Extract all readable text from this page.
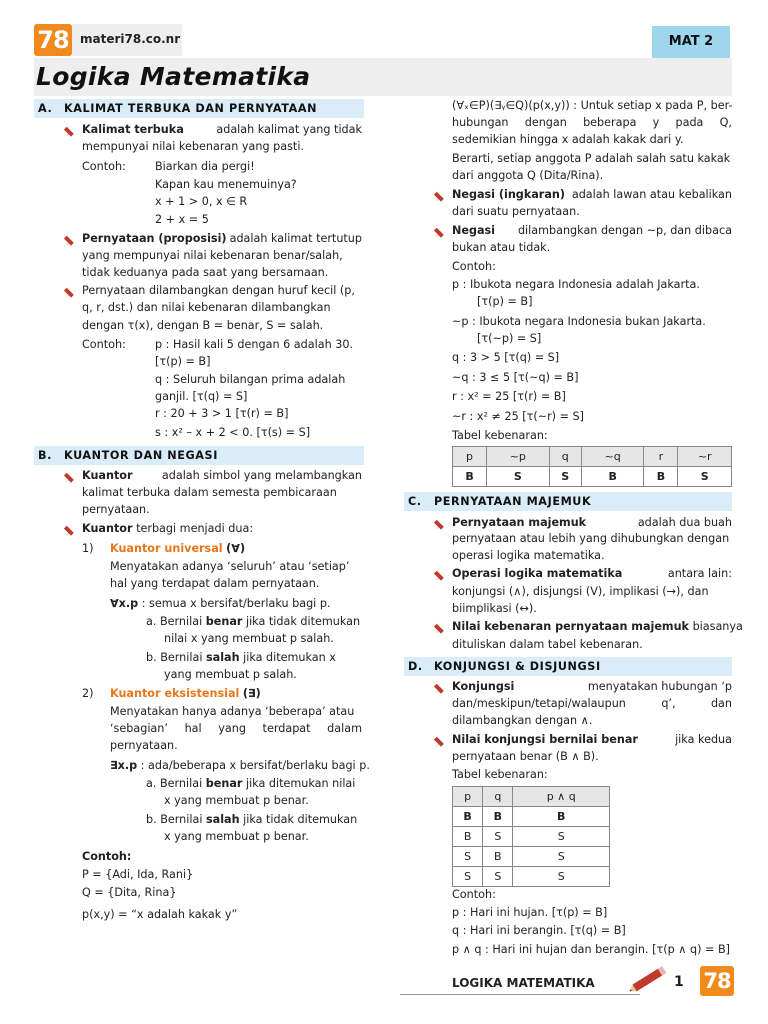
78 materi78.co.nr	MAT 2
Logika Matematika
A. KALIMAT TERBUKA DAN PERNYATAAN
Kalimat terbuka	adalah kalimat yang tidak
mempunyai nilai kebenaran yang pasti.
Contoh:	Biarkan dia pergi!
Kapan kau menemuinya?
x + 1 > 0, x ∈ R
2 + x = 5
Pernyataan (proposisi) adalah kalimat tertutup
yang mempunyai nilai kebenaran benar/salah,
tidak keduanya pada saat yang bersamaan.
Pernyataan dilambangkan dengan huruf kecil (p,
q, r, dst.) dan nilai kebenaran dilambangkan
dengan τ(x), dengan B = benar, S = salah.
Contoh:	p : Hasil kali 5 dengan 6 adalah 30.
[τ(p) = B]
q : Seluruh bilangan prima adalah
ganjil. [τ(q) = S]
r : 20 + 3 > 1 [τ(r) = B]
s : x² – x + 2 < 0. [τ(s) = S]
B. KUANTOR DAN NEGASI
Kuantor	adalah simbol yang melambangkan
kalimat terbuka dalam semesta pembicaraan
pernyataan.
Kuantor terbagi menjadi dua:
1) Kuantor universal (∀)
Menyatakan adanya ‘seluruh’ atau ‘setiap’
hal yang terdapat dalam pernyataan.
∀x.p : semua x bersifat/berlaku bagi p.
a. Bernilai benar jika tidak ditemukan
nilai x yang membuat p salah.
b. Bernilai salah jika ditemukan x
yang membuat p salah.
2) Kuantor eksistensial (∃)
Menyatakan hanya adanya ‘beberapa’ atau
‘sebagian’ hal yang terdapat dalam
pernyataan.
∃x.p : ada/beberapa x bersifat/berlaku bagi p.
a. Bernilai benar jika ditemukan nilai
x yang membuat p benar.
b. Bernilai salah jika tidak ditemukan
x yang membuat p benar.
Contoh:
P = {Adi, Ida, Rani}
Q = {Dita, Rina}
p(x,y) = “x adalah kakak y”
(∀ₓ∈P)(∃ᵧ∈Q)(p(x,y)) : Untuk setiap x pada P, ber-
hubungan dengan beberapa y pada Q,
sedemikian hingga x adalah kakak dari y.
Berarti, setiap anggota P adalah salah satu kakak
dari anggota Q (Dita/Rina).
Negasi (ingkaran) adalah lawan atau kebalikan
dari suatu pernyataan.
Negasi dilambangkan dengan ~p, dan dibaca
bukan atau tidak.
Contoh:
p : Ibukota negara Indonesia adalah Jakarta.
[τ(p) = B]
~p : Ibukota negara Indonesia bukan Jakarta.
[τ(~p) = S]
q : 3 > 5 [τ(q) = S]
~q : 3 ≤ 5 [τ(~q) = B]
r : x² = 25 [τ(r) = B]
~r : x² ≠ 25 [τ(~r) = S]
Tabel kebenaran:
p	~p	q	~q	r	~r
B	S	S	B	B	S
C. PERNYATAAN MAJEMUK
Pernyataan majemuk	adalah dua buah
pernyataan atau lebih yang dihubungkan dengan
operasi logika matematika.
Operasi logika matematika	antara lain:
konjungsi (∧), disjungsi (V), implikasi (→), dan
biimplikasi (↔).
Nilai kebenaran pernyataan majemuk biasanya
dituliskan dalam tabel kebenaran.
D. KONJUNGSI & DISJUNGSI
Konjungsi	menyatakan hubungan ‘p
dan/meskipun/tetapi/walaupun q’, dan
dilambangkan dengan ∧.
Nilai konjungsi bernilai benar	jika kedua
pernyataan benar (B ∧ B).
Tabel kebenaran:
p	q	p ∧ q
B	B	B
B	S	S
S	B	S
S	S	S
Contoh:
p : Hari ini hujan. [τ(p) = B]
q : Hari ini berangin. [τ(q) = B]
p ∧ q : Hari ini hujan dan berangin. [τ(p ∧ q) = B]
LOGIKA MATEMATIKA	1 78
